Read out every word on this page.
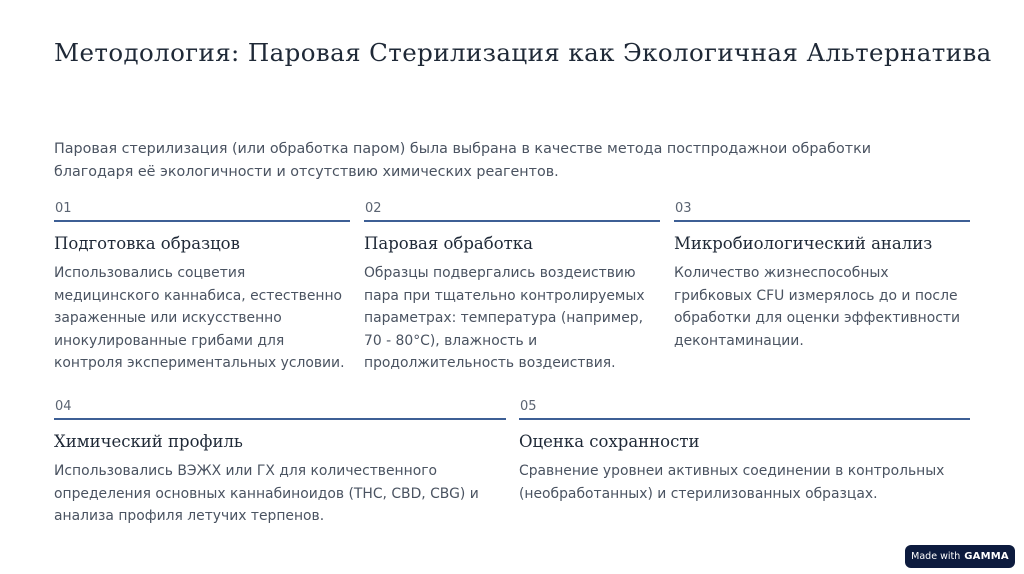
Методология: Паровая Стерилизация как Экологичная Альтернатива
Паровая стерилизация (или обработка паром) была выбрана в качестве метода постпродажнои обработки благодаря её экологичности и отсутствию химических реагентов.
01
Подготовка образцов
Использовались соцветия медицинского каннабиса, естественно зараженные или искусственно инокулированные грибами для контроля экспериментальных условии.
02
Паровая обработка
Образцы подвергались воздеиствию пара при тщательно контролируемых параметрах: температура (например, 70 - 80°C), влажность и продолжительность воздеиствия.
03
Микробиологический анализ
Количество жизнеспособных грибковых CFU измерялось до и после обработки для оценки эффективности деконтаминации.
04
Химический профиль
Использовались ВЭЖХ или ГХ для количественного определения основных каннабиноидов (THC, CBD, CBG) и анализа профиля летучих терпенов.
05
Оценка сохранности
Сравнение уровнеи активных соединении в контрольных (необработанных) и стерилизованных образцах.
Made with GAMMA
